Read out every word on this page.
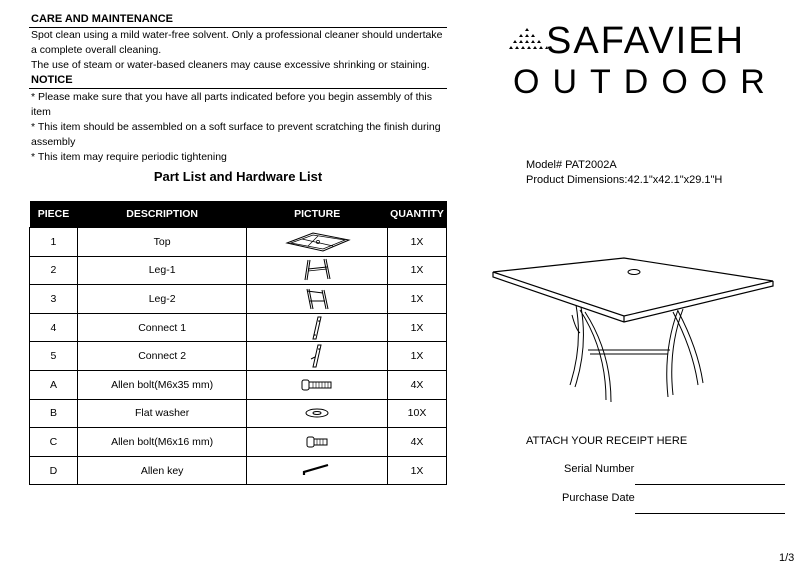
CARE AND MAINTENANCE
Spot clean using a mild water-free solvent. Only a professional cleaner should undertake
a complete overall cleaning.
The use of steam or water-based cleaners may cause excessive shrinking or staining.
NOTICE
* Please make sure that you have all parts indicated before you begin assembly of this
item
* This item should be assembled on a soft surface to prevent scratching the finish during
assembly
* This item may require periodic tightening
Part List and Hardware List
PIECE	DESCRIPTION	PICTURE	QUANTITY
1	Top		1X
2	Leg-1		1X
3	Leg-2		1X
4	Connect 1		1X
5	Connect 2		1X
A	Allen bolt(M6x35 mm)		4X
B	Flat washer		10X
C	Allen bolt(M6x16 mm)		4X
D	Allen key		1X
SAFAVIEH
OUTDOOR
Model# PAT2002A
Product Dimensions:42.1"x42.1"x29.1"H
ATTACH YOUR RECEIPT HERE
Serial Number
Purchase Date
1/3
